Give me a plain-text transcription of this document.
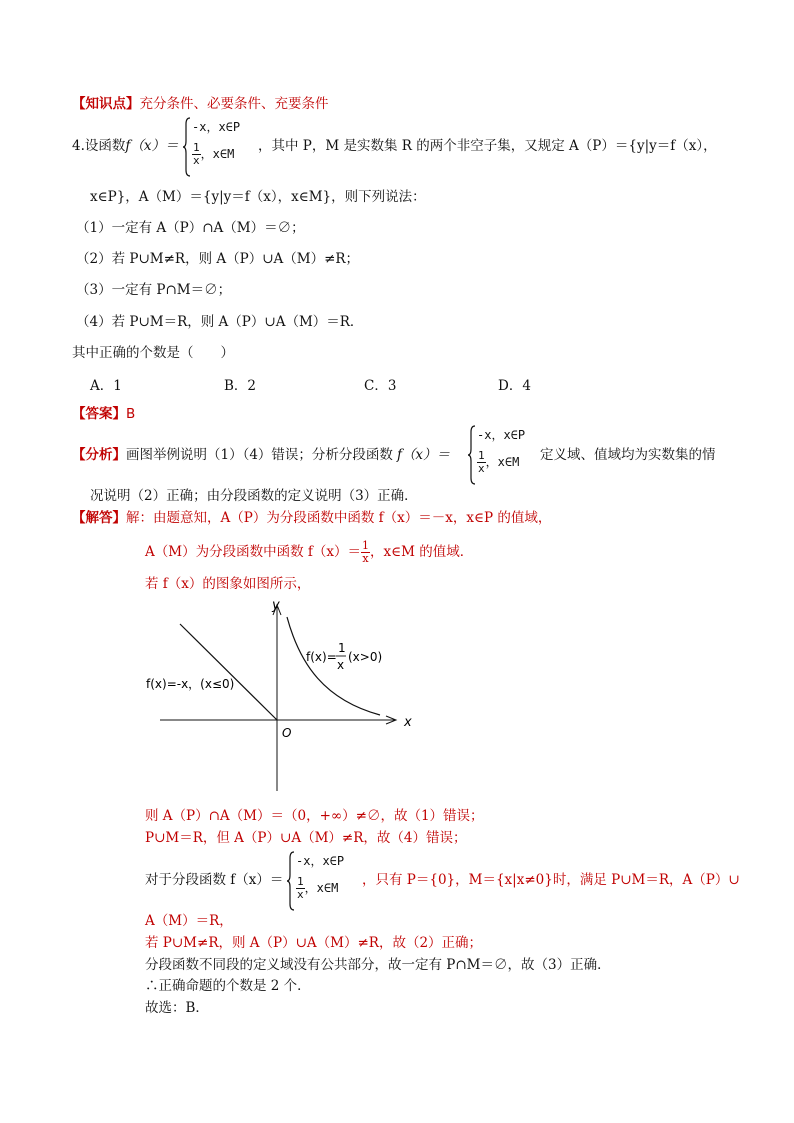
【知识点】充分条件、必要条件、充要条件
4.设函数f（x）＝
-x，x∈P
$\frac{1}{x}$ ，x∈M ，其中 P，M 是实数集 R 的两个非空子集，又规定 A（P）＝{y|y＝f（x），
x∈P}，A（M）＝{y|y＝f（x），x∈M}，则下列说法：
（1）一定有 A（P）∩A（M）＝∅；
（2）若 P∪M≠R，则 A（P）∪A（M）≠R；
（3）一定有 P∩M＝∅；
（4）若 P∪M＝R，则 A（P）∪A（M）＝R．
其中正确的个数是（　　）
A．1	B．2	C．3	D．4
【答案】B
【分析】画图举例说明（1）（4）错误；分析分段函数 f（x）＝
-x，x∈P
$\frac{1}{x}$ ，x∈M 定义域、值域均为实数集的情
况说明（2）正确；由分段函数的定义说明（3）正确．
【解答】解：由题意知，A（P）为分段函数中函数 f（x）＝－x，x∈P 的值域，
A（M）为分段函数中函数 $f(x)= \frac{1}{x}$ ，x∈M 的值域．
若 f（x）的图象如图所示，
y
x
O
f(x)=-x，(x≤0)
f(x)=
1
x
(x>0)
则 A（P）∩A（M）＝（0，+∞）≠∅，故（1）错误；
P∪M＝R，但 A（P）∪A（M）≠R，故（4）错误；
对于分段函数 f（x）＝
-x，x∈P
$\frac{1}{x}$ ，x∈M ，只有 P＝{0}，M＝{x|x≠0}时，满足 P∪M＝R，A（P）∪
A（M）＝R，
若 P∪M≠R，则 A（P）∪A（M）≠R，故（2）正确；
分段函数不同段的定义域没有公共部分，故一定有 P∩M＝∅，故（3）正确．
∴正确命题的个数是 2 个．
故选：B．
